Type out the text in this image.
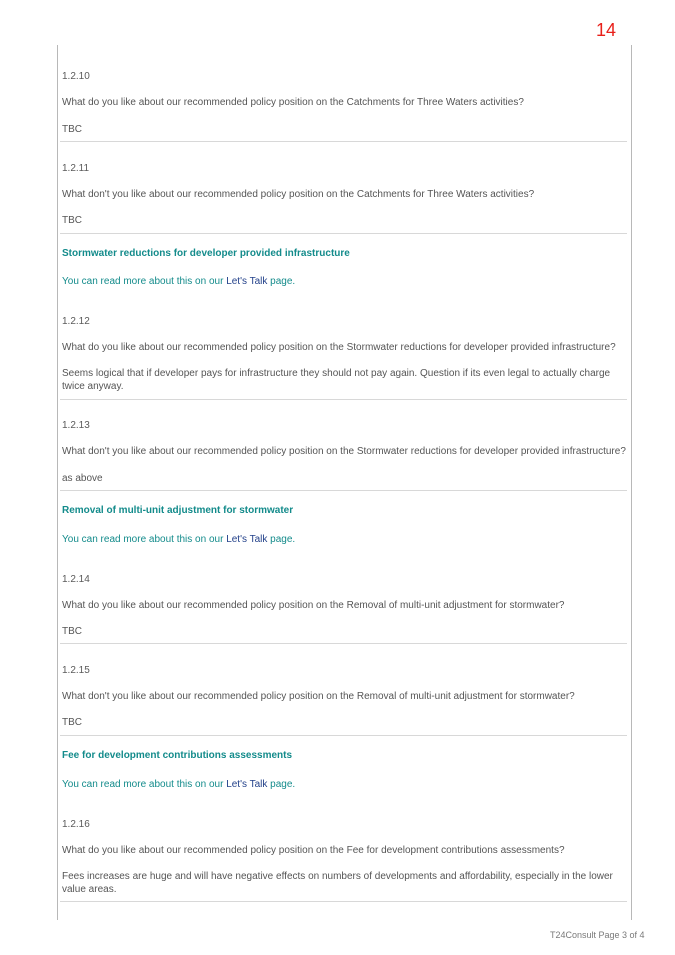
14
1.2.10
What do you like about our recommended policy position on the Catchments for Three Waters activities?
TBC
1.2.11
What don't you like about our recommended policy position on the Catchments for Three Waters activities?
TBC
Stormwater reductions for developer provided infrastructure
You can read more about this on our Let's Talk page.
1.2.12
What do you like about our recommended policy position on the Stormwater reductions for developer provided infrastructure?
Seems logical that if developer pays for infrastructure they should not pay again. Question if its even legal to actually charge twice anyway.
1.2.13
What don't you like about our recommended policy position on the Stormwater reductions for developer provided infrastructure?
as above
Removal of multi-unit adjustment for stormwater
You can read more about this on our Let's Talk page.
1.2.14
What do you like about our recommended policy position on the Removal of multi-unit adjustment for stormwater?
TBC
1.2.15
What don't you like about our recommended policy position on the Removal of multi-unit adjustment for stormwater?
TBC
Fee for development contributions assessments
You can read more about this on our Let's Talk page.
1.2.16
What do you like about our recommended policy position on the Fee for development contributions assessments?
Fees increases are huge and will have negative effects on numbers of developments and affordability, especially in the lower value areas.
T24Consult Page 3 of 4
